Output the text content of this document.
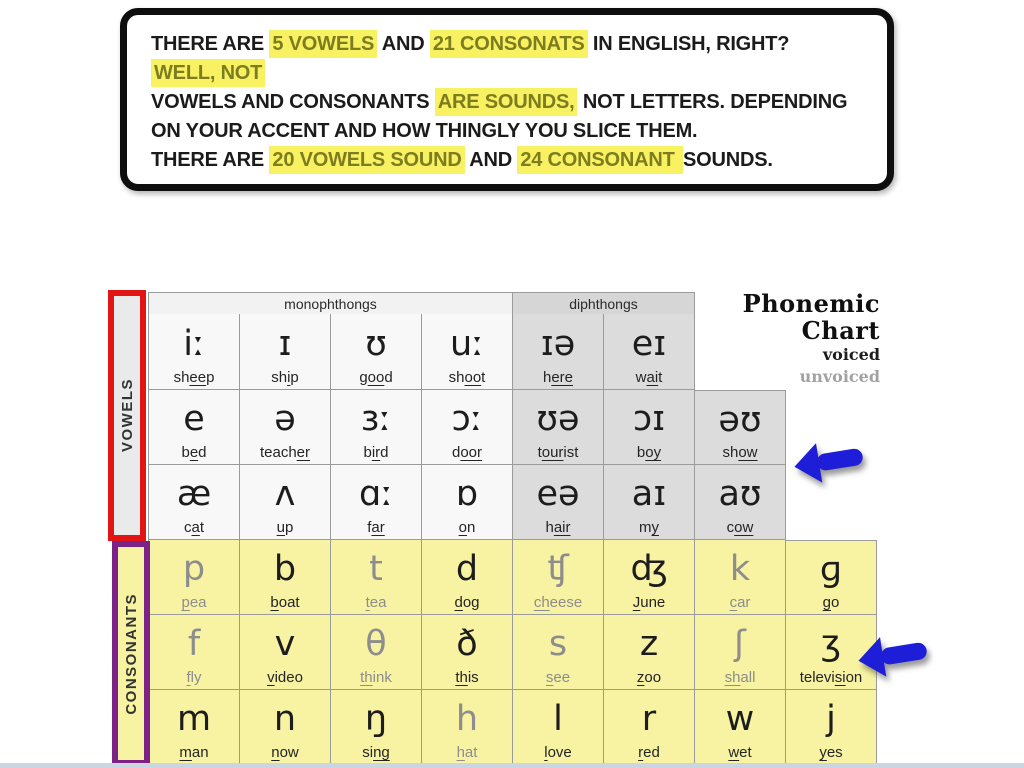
THERE ARE 5 VOWELS AND 21 CONSONATS IN ENGLISH, RIGHT?
WELL, NOT
VOWELS AND CONSONANTS ARE SOUNDS, NOT LETTERS. DEPENDING
ON YOUR ACCENT AND HOW THINGLY YOU SLICE THEM.
THERE ARE 20 VOWELS SOUND AND 24 CONSONANT SOUNDS.
monophthongs	diphthongs
iː
sheep
ɪ
ship
ʊ
good
uː
shoot
ɪə
here
eɪ
wait
e
bed
ə
teacher
ɜː
bird
ɔː
door
ʊə
tourist
ɔɪ
boy
əʊ
show
æ
cat
ʌ
up
ɑː
far
ɒ
on
eə
hair
aɪ
my
aʊ
cow
p
pea
b
boat
t
tea
d
dog
ʧ
cheese
ʤ
June
k
car
ɡ
go
f
fly
v
video
θ
think
ð
this
s
see
z
zoo
ʃ
shall
ʒ
television
m
man
n
now
ŋ
sing
h
hat
l
love
r
red
w
wet
j
yes
VOWELS
CONSONANTS
Phonemic
Chart
voiced
unvoiced
